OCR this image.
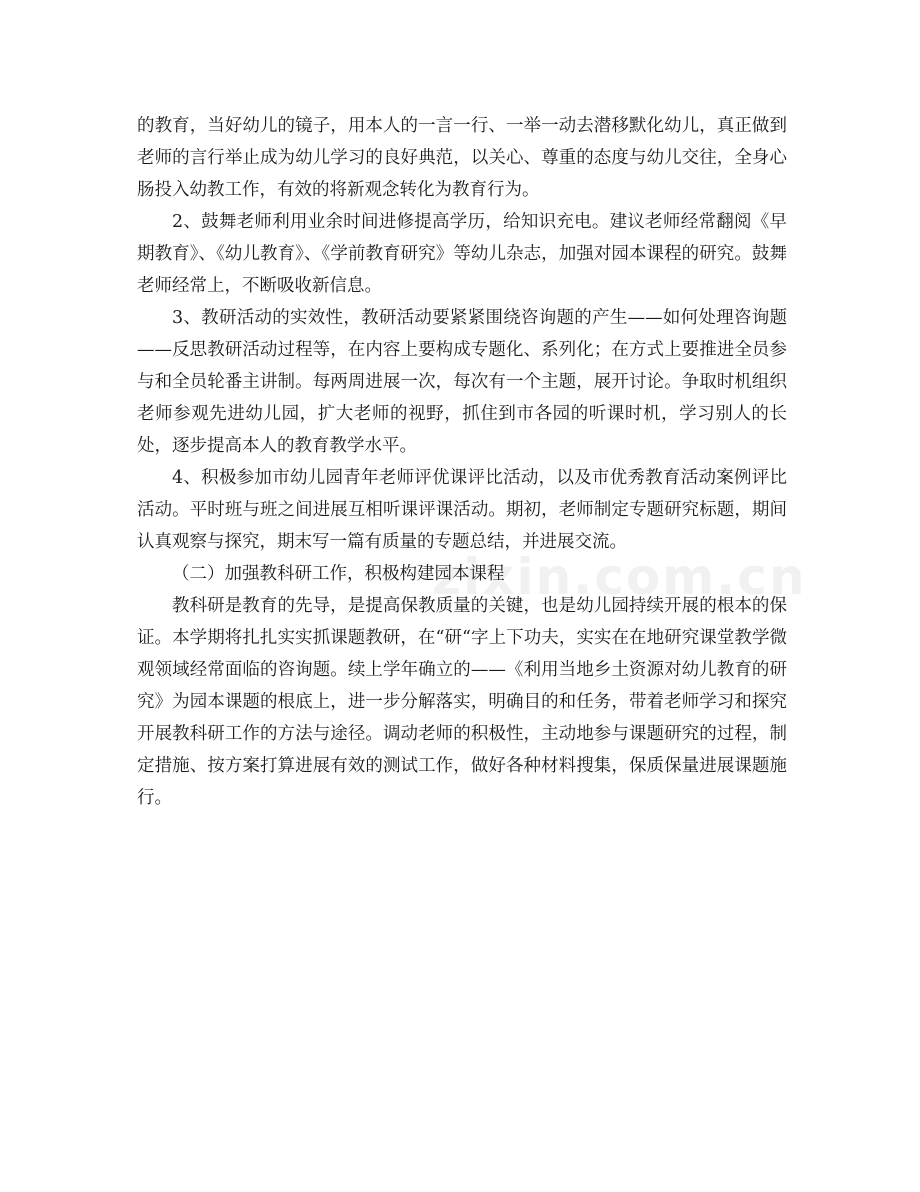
的教育，当好幼儿的镜子，用本人的一言一行、一举一动去潜移默化幼儿，真正做到老师的言行举止成为幼儿学习的良好典范，以关心、尊重的态度与幼儿交往，全身心肠投入幼教工作，有效的将新观念转化为教育行为。

2、鼓舞老师利用业余时间进修提高学历，给知识充电。建议老师经常翻阅《早期教育》、《幼儿教育》、《学前教育研究》等幼儿杂志，加强对园本课程的研究。鼓舞老师经常上，不断吸收新信息。

3、教研活动的实效性，教研活动要紧紧围绕咨询题的产生——如何处理咨询题——反思教研活动过程等，在内容上要构成专题化、系列化；在方式上要推进全员参与和全员轮番主讲制。每两周进展一次，每次有一个主题，展开讨论。争取时机组织老师参观先进幼儿园，扩大老师的视野，抓住到市各园的听课时机，学习别人的长处，逐步提高本人的教育教学水平。

4、积极参加市幼儿园青年老师评优课评比活动，以及市优秀教育活动案例评比活动。平时班与班之间进展互相听课评课活动。期初，老师制定专题研究标题，期间认真观察与探究，期末写一篇有质量的专题总结，并进展交流。

（二）加强教科研工作，积极构建园本课程

教科研是教育的先导，是提高保教质量的关键，也是幼儿园持续开展的根本的保证。本学期将扎扎实实抓课题教研，在“研“字上下功夫，实实在在地研究课堂教学微观领域经常面临的咨询题。续上学年确立的——《利用当地乡土资源对幼儿教育的研究》为园本课题的根底上，进一步分解落实，明确目的和任务，带着老师学习和探究开展教科研工作的方法与途径。调动老师的积极性，主动地参与课题研究的过程，制定措施、按方案打算进展有效的测试工作，做好各种材料搜集，保质保量进展课题施行。

zixin.com.cn
